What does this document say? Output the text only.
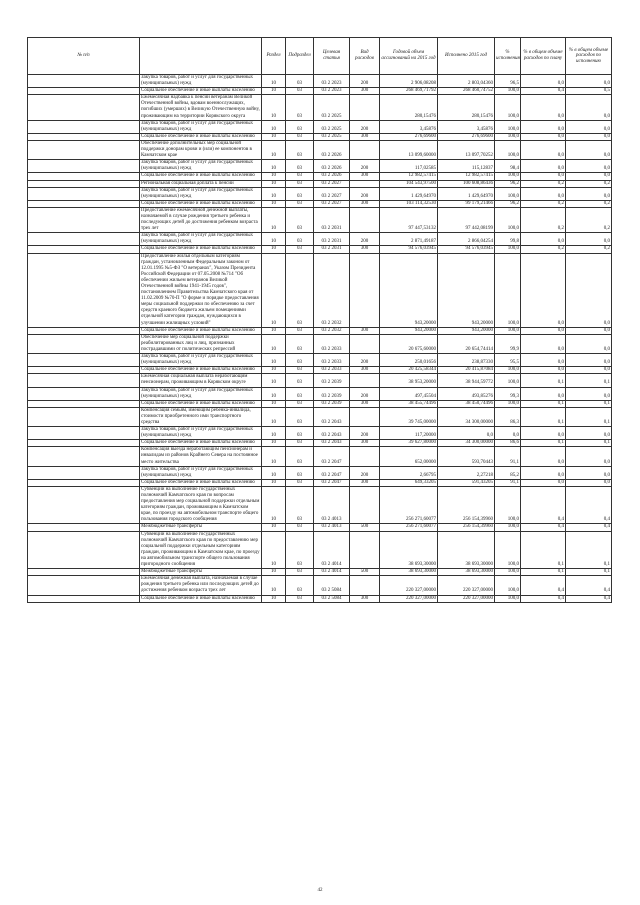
№ п/п		Раздел	Подраздел	Целевая статья	Вид расходов	Годовой объем ассигнований на 2015 год	Исполнено 2015 год	% исполнения	% в общем объеме расходов по плану	% в общем объеме расходов по исполнению
	Закупка товаров, работ и услуг для государственных (муниципальных) нужд	10	03	03 2 2023	200	2 906,08208	2 803,04360	96,5	0,0	0,0
	Социальное обеспечение и иные выплаты населению	10	03	03 2 2023	300	268 469,71792	268 460,74752	100,0	0,4	0,5
	Ежемесячная надбавка к пенсии ветеранам Великой Отечественной войны, вдовам военнослужащих, погибших (умерших) в Великую Отечественную войну, проживающим на территории Корякского округа	10	03	03 2 2025		280,15476	280,15476	100,0	0,0	0,0
	Закупка товаров, работ и услуг для государственных (муниципальных) нужд	10	03	03 2 2025	200	3,45876	3,45876	100,0	0,0	0,0
	Социальное обеспечение и иные выплаты населению	10	03	03 2 2025	300	276,69600	276,69600	100,0	0,0	0,0
	Обеспечение дополнительных мер социальной поддержки донорам крови и (или) ее компонентов в Камчатском крае	10	03	03 2 2026		13 099,60000	13 097,70252	100,0	0,0	0,0
	Закупка товаров, работ и услуг для государственных (муниципальных) нужд	10	03	03 2 2026	200	117,02585	115,12837	98,4	0,0	0,0
	Социальное обеспечение и иные выплаты населению	10	03	03 2 2026	300	12 982,57415	12 982,57415	100,0	0,0	0,0
	Региональная социальная доплата к пенсии	10	03	03 2 2027		104 543,97500	100 608,86436	96,2	0,2	0,2
	Закупка товаров, работ и услуг для государственных (муниципальных) нужд	10	03	03 2 2027	200	1 429,64970	1 429,64970	100,0	0,0	0,0
	Социальное обеспечение и иные выплаты населению	10	03	03 2 2027	300	103 114,32530	99 179,21466	96,2	0,2	0,2
	Предоставление ежемесячной денежной выплаты, назначаемой в случае рождения третьего ребенка и последующих детей до достижения ребенком возраста трех лет	10	03	03 2 2031		97 447,53132	97 442,08199	100,0	0,2	0,2
	Закупка товаров, работ и услуг для государственных (муниципальных) нужд	10	03	03 2 2031	200	2 871,49187	2 866,04254	99,8	0,0	0,0
	Социальное обеспечение и иные выплаты населению	10	03	03 2 2031	300	94 576,03945	94 576,03945	100,0	0,2	0,2
	Предоставление жилья отдельным категориям граждан, установленным Федеральным законом от 12.01.1995 №5-ФЗ "О ветеранах", Указом Президента Российской Федерации от 07.05.2008 №714 "Об обеспечении жильем ветеранов Великой Отечественной войны 1941-1945 годов", постановлением Правительства Камчатского края от 11.02.2009 №70-П "О форме и порядке предоставления меры социальной поддержки по обеспечению за счет средств краевого бюджета жильем помещениями отдельной категории граждан, нуждающихся в улучшении жилищных условий"	10	03	03 2 2032		943,20000	943,20000	100,0	0,0	0,0
	Социальное обеспечение и иные выплаты населению	10	03	03 2 2032	300	943,20000	943,20000	100,0	0,0	0,0
	Обеспечение мер социальной поддержки реабилитированных лиц и лиц, признанных пострадавшими от политических репрессий	10	03	03 2 2033		20 675,60000	20 654,74414	99,9	0,0	0,0
	Закупка товаров, работ и услуг для государственных (муниципальных) нужд	10	03	03 2 2033	200	250,01656	238,87330	95,5	0,0	0,0
	Социальное обеспечение и иные выплаты населению	10	03	03 2 2033	300	20 425,58344	20 415,87084	100,0	0,0	0,0
	Ежемесячная социальная выплата неработающим пенсионерам, проживающим в Корякском округе	10	03	03 2 2039		38 953,20000	38 944,59772	100,0	0,1	0,1
	Закупка товаров, работ и услуг для государственных (муниципальных) нужд	10	03	03 2 2039	200	497,45504	493,85276	99,3	0,0	0,0
	Социальное обеспечение и иные выплаты населению	10	03	03 2 2039	300	38 455,74496	38 450,74496	100,0	0,1	0,1
	Компенсация семьям, имеющим ребенка-инвалида, стоимости приобретенного ими транспортного средства	10	03	03 2 2043		39 745,00000	34 300,00000	86,3	0,1	0,1
	Закупка товаров, работ и услуг для государственных (муниципальных) нужд	10	03	03 2 2043	200	117,20000	0,0	0,0	0,0	0,0
	Социальное обеспечение и иные выплаты населению	10	03	03 2 2043	300	39 627,80000	34 300,00000	86,6	0,1	0,1
	Компенсация выезда неработающим пенсионерам и инвалидам из районов Крайнего Севера на постоянное место жительства	10	03	03 2 2047		652,00000	593,70443	91,1	0,0	0,0
	Закупка товаров, работ и услуг для государственных (муниципальных) нужд	10	03	03 2 2047	200	2,66795	2,27218	85,2	0,0	0,0
	Социальное обеспечение и иные выплаты населению	10	03	03 2 2047	300	649,33205	591,43205	91,1	0,0	0,0
	Субвенции на выполнение государственных полномочий Камчатского края по вопросам предоставления мер социальной поддержки отдельным категориям граждан, проживающим в Камчатском крае, по проезду на автомобильном транспорте общего пользования городского сообщения	10	03	03 2 4013		256 271,60077	256 154,39960	100,0	0,4	0,4
	Межбюджетные трансферты	10	03	03 2 4013	500	256 271,60077	256 154,39960	100,0	0,4	0,4
	Субвенции на выполнение государственных полномочий Камчатского края по предоставлению мер социальной поддержки отдельным категориям граждан, проживающим в Камчатском крае, по проезду на автомобильном транспорте общего пользования пригородного сообщения	10	03	03 2 4014		38 693,30000	38 693,30000	100,0	0,1	0,1
	Межбюджетные трансферты	10	03	03 2 4014	500	38 693,30000	38 693,30000	100,0	0,1	0,1
	Ежемесячная денежная выплата, назначаемая в случае рождения третьего ребенка или последующих детей до достижения ребенком возраста трех лет	10	03	03 2 5084		220 327,00000	220 327,00000	100,0	0,4	0,4
	Социальное обеспечение и иные выплаты населению	10	03	03 2 5084	300	220 327,00000	220 327,00000	100,0	0,4	0,4
42
